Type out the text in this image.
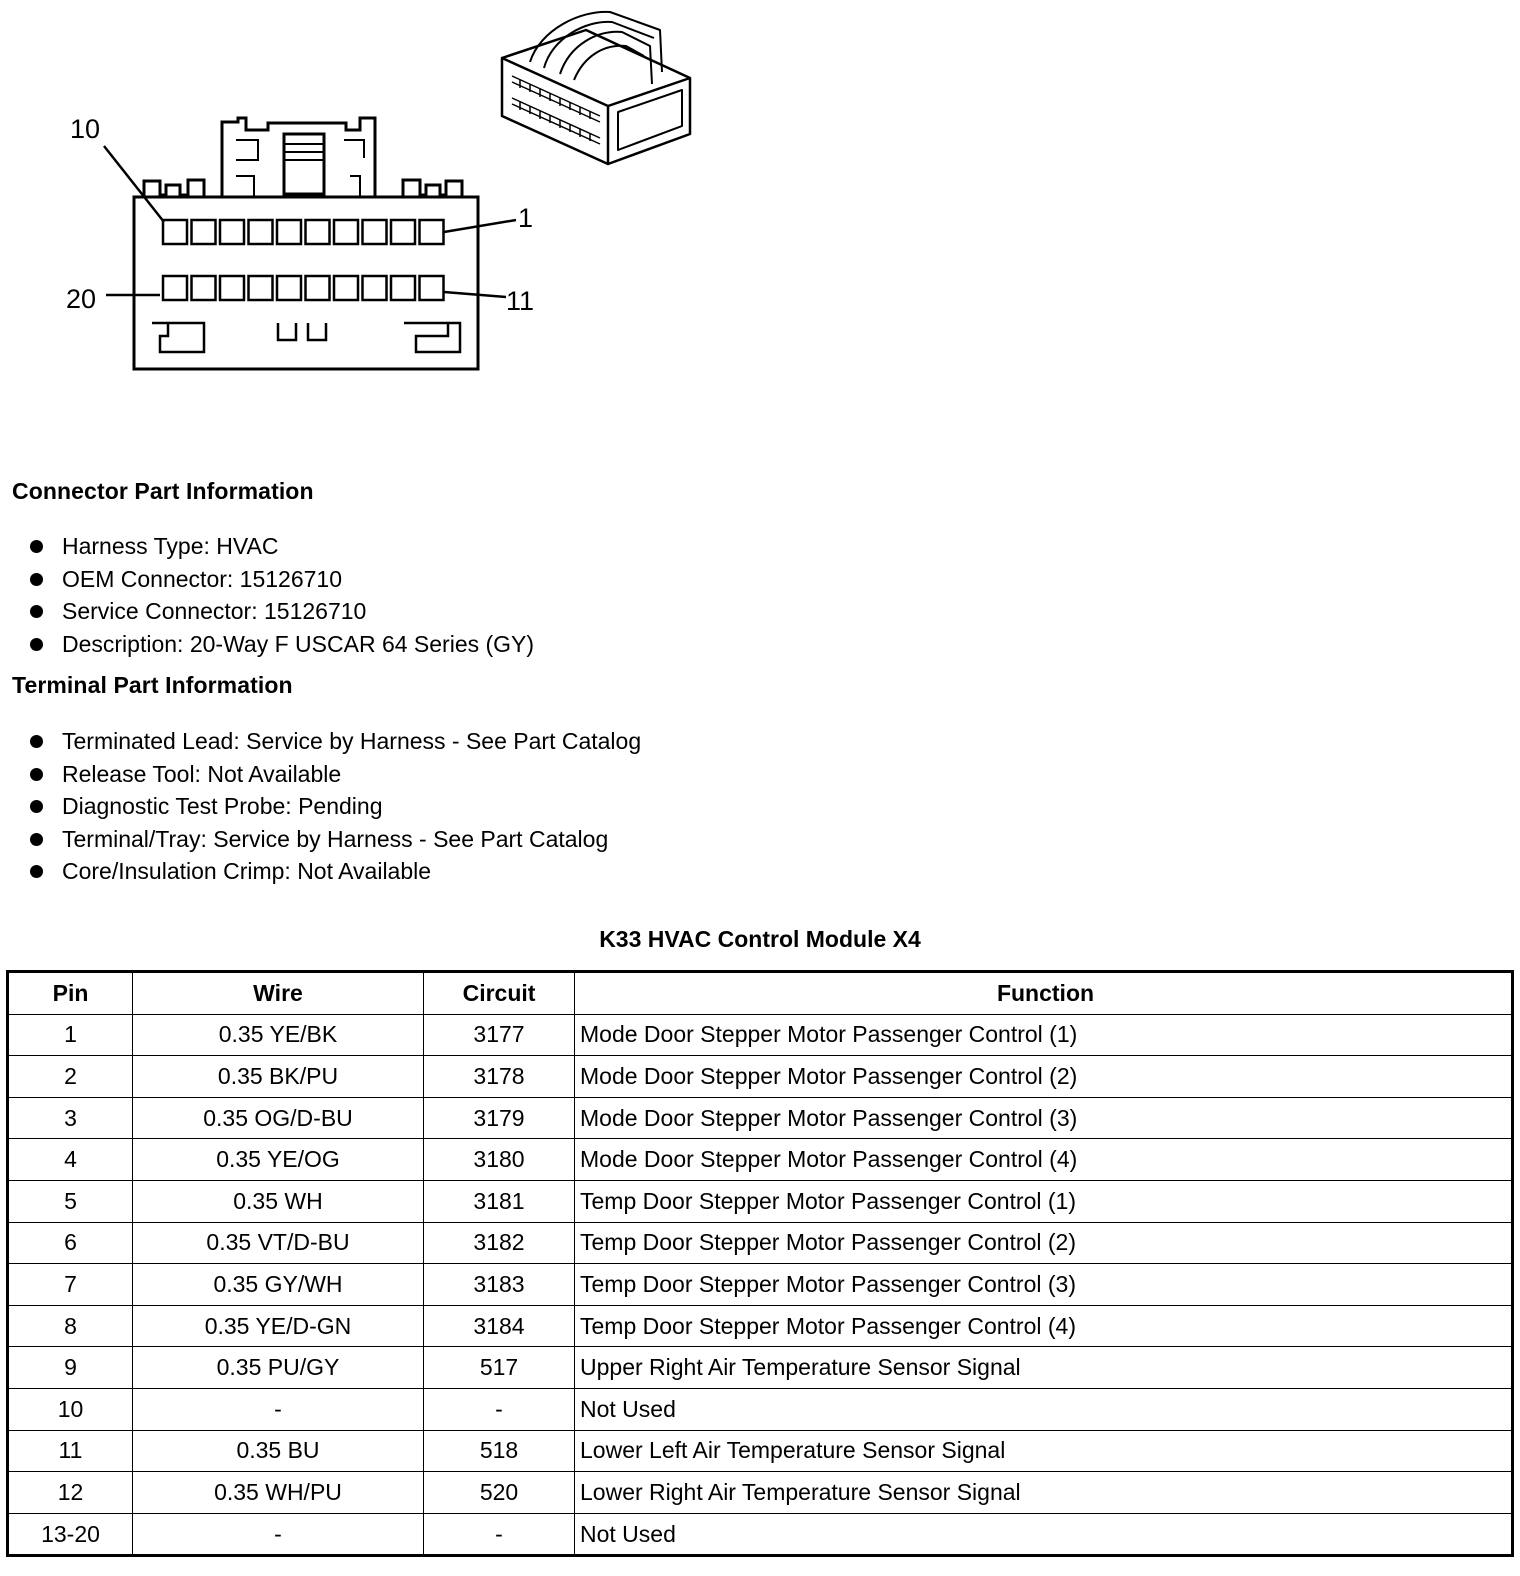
10
1
20	11
Connector Part Information
Harness Type: HVAC
OEM Connector: 15126710
Service Connector: 15126710
Description: 20-Way F USCAR 64 Series (GY)
Terminal Part Information
Terminated Lead: Service by Harness - See Part Catalog
Release Tool: Not Available
Diagnostic Test Probe: Pending
Terminal/Tray: Service by Harness - See Part Catalog
Core/Insulation Crimp: Not Available
K33 HVAC Control Module X4
Pin	Wire	Circuit	Function
1	0.35 YE/BK	3177	Mode Door Stepper Motor Passenger Control (1)
2	0.35 BK/PU	3178	Mode Door Stepper Motor Passenger Control (2)
3	0.35 OG/D-BU	3179	Mode Door Stepper Motor Passenger Control (3)
4	0.35 YE/OG	3180	Mode Door Stepper Motor Passenger Control (4)
5	0.35 WH	3181	Temp Door Stepper Motor Passenger Control (1)
6	0.35 VT/D-BU	3182	Temp Door Stepper Motor Passenger Control (2)
7	0.35 GY/WH	3183	Temp Door Stepper Motor Passenger Control (3)
8	0.35 YE/D-GN	3184	Temp Door Stepper Motor Passenger Control (4)
9	0.35 PU/GY	517	Upper Right Air Temperature Sensor Signal
10	-	-	Not Used
11	0.35 BU	518	Lower Left Air Temperature Sensor Signal
12	0.35 WH/PU	520	Lower Right Air Temperature Sensor Signal
13-20	-	-	Not Used
